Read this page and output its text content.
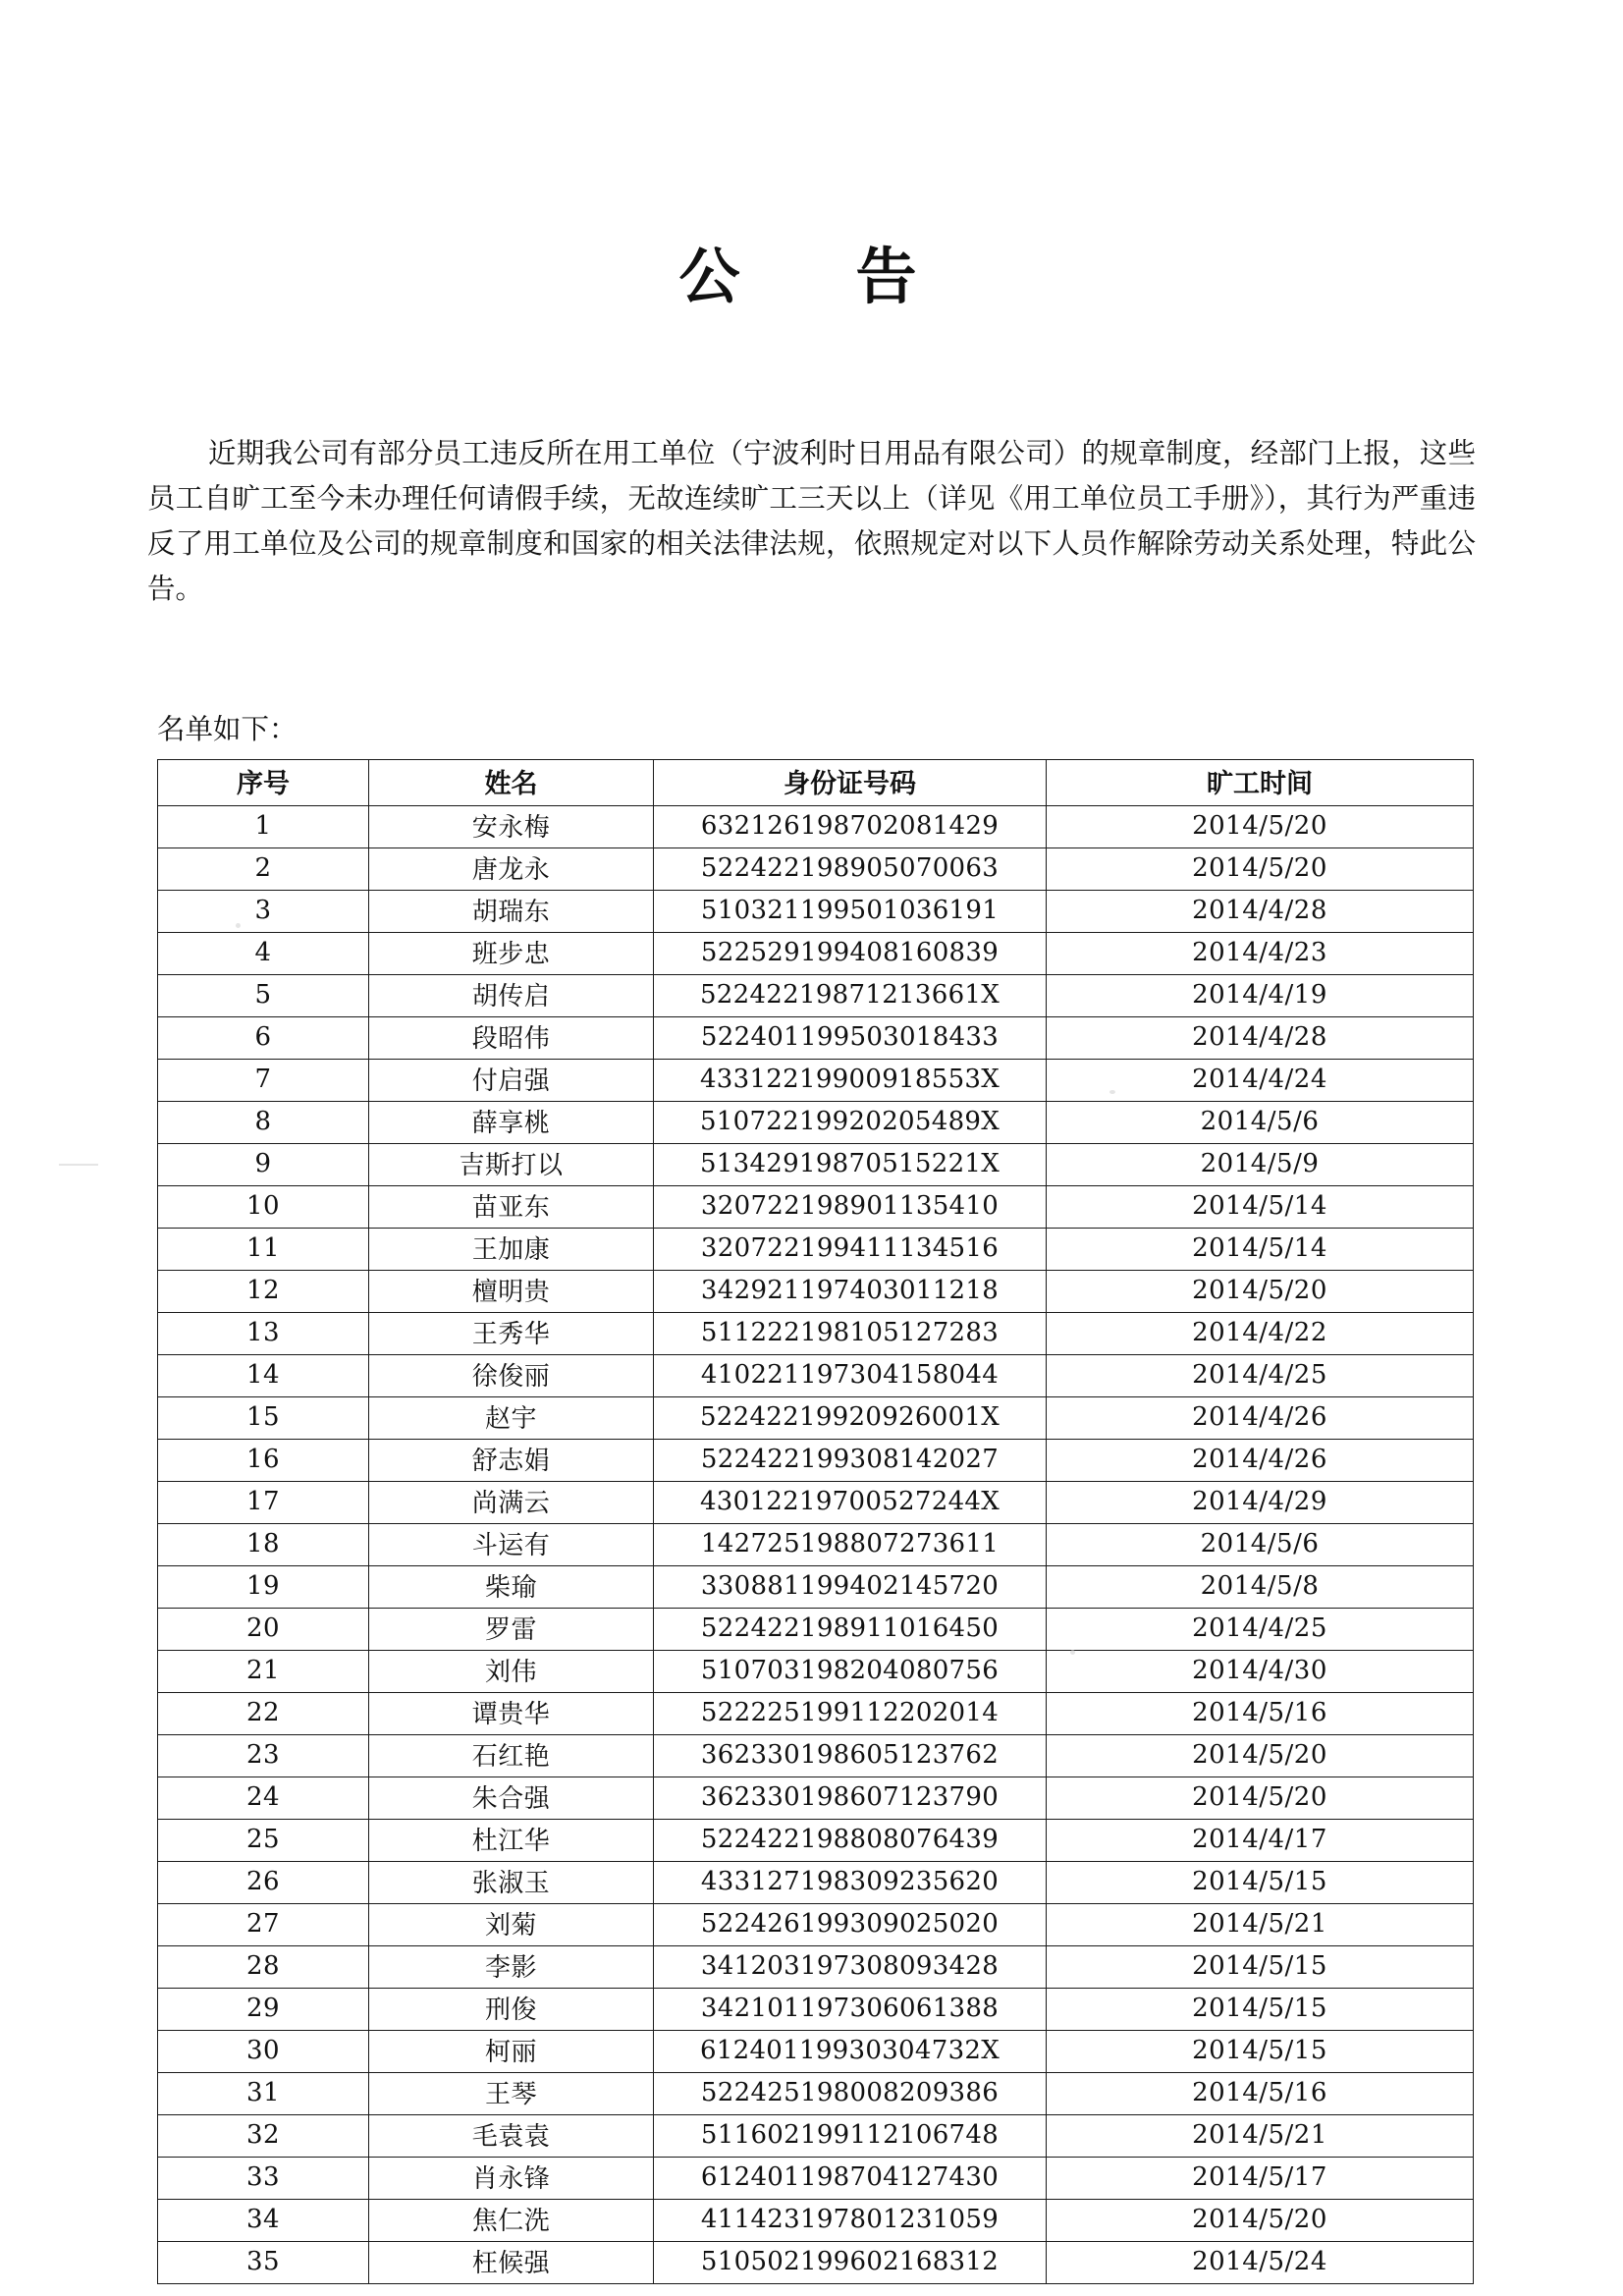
公　告

近期我公司有部分员工违反所在用工单位（宁波利时日用品有限公司）的规章制度，经部门上报，这些员工自旷工至今未办理任何请假手续，无故连续旷工三天以上（详见《用工单位员工手册》），其行为严重违反了用工单位及公司的规章制度和国家的相关法律法规，依照规定对以下人员作解除劳动关系处理，特此公告。

名单如下：
序号	姓名	身份证号码	旷工时间
1	安永梅	632126198702081429	2014/5/20
2	唐龙永	522422198905070063	2014/5/20
3	胡瑞东	510321199501036191	2014/4/28
4	班步忠	522529199408160839	2014/4/23
5	胡传启	52242219871213661X	2014/4/19
6	段昭伟	522401199503018433	2014/4/28
7	付启强	43312219900918553X	2014/4/24
8	薛享桃	51072219920205489X	2014/5/6
9	吉斯打以	51342919870515221X	2014/5/9
10	苗亚东	320722198901135410	2014/5/14
11	王加康	320722199411134516	2014/5/14
12	檀明贵	342921197403011218	2014/5/20
13	王秀华	511222198105127283	2014/4/22
14	徐俊丽	410221197304158044	2014/4/25
15	赵宇	52242219920926001X	2014/4/26
16	舒志娟	522422199308142027	2014/4/26
17	尚满云	43012219700527244X	2014/4/29
18	斗运有	142725198807273611	2014/5/6
19	柴瑜	330881199402145720	2014/5/8
20	罗雷	522422198911016450	2014/4/25
21	刘伟	510703198204080756	2014/4/30
22	谭贵华	522225199112202014	2014/5/16
23	石红艳	362330198605123762	2014/5/20
24	朱合强	362330198607123790	2014/5/20
25	杜江华	522422198808076439	2014/4/17
26	张淑玉	433127198309235620	2014/5/15
27	刘菊	522426199309025020	2014/5/21
28	李影	341203197308093428	2014/5/15
29	刑俊	342101197306061388	2014/5/15
30	柯丽	61240119930304732X	2014/5/15
31	王琴	522425198008209386	2014/5/16
32	毛袁袁	511602199112106748	2014/5/21
33	肖永锋	612401198704127430	2014/5/17
34	焦仁洗	411423197801231059	2014/5/20
35	枉候强	510502199602168312	2014/5/24
